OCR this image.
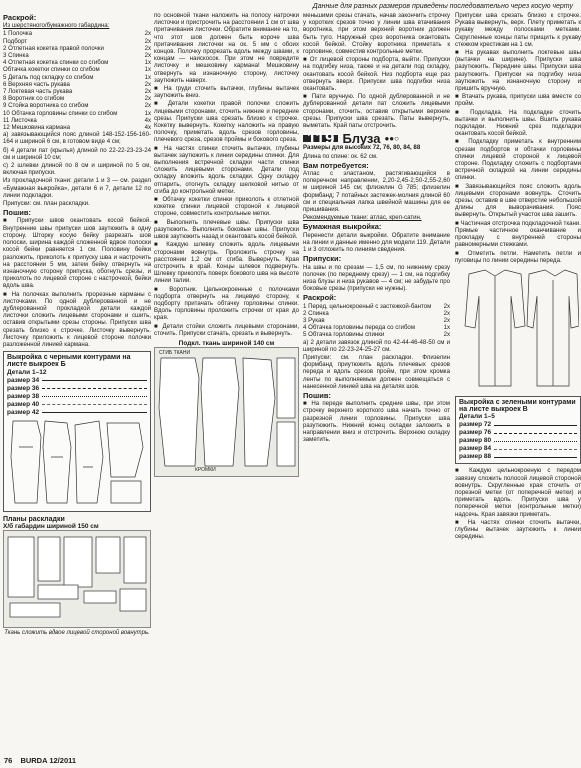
Данные для разных размеров приведены последовательно через косую черту
Раскрой:

Из шерстяного/бумажного габардина:

1 Полочка	2x
Подборт	2x
2 Отлетная кокетка правой полочки	2x
3 Спинка	2x
4 Отлетная кокетка спинки со сгибом	1x
Обтачка кокетки спинки со сгибом	1x
5 Деталь под складку со сгибом	1x
6 Верхняя часть рукава	2x
7 Локтевая часть рукава	2x
8 Воротник со сгибом	2x
9 Стойка воротника со сгибом	2x
10 Обтачка горловины спинки со сгибом	1x
11 Листочка	4x
12 Мешковина кармана	4x

а) завязывающийся пояс длиной 148-152-156-160-164 и шириной 6 см, в готовом виде 4 см;

б) 4 детали пат (крылья) длиной по 22-22-23-23-24 см и шириной 10 см;

с) 2 шлевки длиной по 8 см и шириной по 5 см, включая припуски.

Из прокладочной ткани: детали 1 и 3 — см. раздел «Бумажная выкройка», детали 6 и 7, детали 12 по линии подкладки.

Припуски: см. план раскладки.

Пошив:

■ Припуски швов окантовать косой бейкой. Внутренние швы припуски шов заутюжить в одну сторону. Шторку косую бейку разрезать шов полоски, ширина каждой сложенной вдвое полоски косой бейки равняется 1 см. Половину бейки разложить, приколоть к припуску шва и настрочить на расстоянии 5 мм, затем бейку отвернуть на изнаночную сторону припуска, обогнуть срезы, и приколоть по лицевой стороне с настрочкой, бейки вдоль шва.

■ На полочках выполнить прорезные карманы с листочками. По одной дублерованной и не дублерованной прокладкой детали каждой листочки сложить лицевыми сторонами и сшить, оставив открытыми срезы стороны. Припуски шва срезать близко к строчке. Листочку вывернуть. Листочку приложить к лицевой стороне полочки разложенной линией кармана.

Выкройка с черными контурами на листе выкроек Б
Детали 1–12
размер 34
размер 36
размер 38
размер 40
размер 42
Планы раскладки
Х/б габардин шириной 150 см
Ткань сложить вдвое лицевой стороной вовнутрь.

по основной ткани наложить на полосу натрочки листочки и пристрочить на расстоянии 1 см от шва притачивания листочки. Обратите внимание на то, что этот шов должен быть короче шва притачивания листочки на ок. 5 мм с обоих концов. Полочку прорезать вдоль между швами, к концам — наискосок. При этом не повредите листочку и мешковину кармана! Мешковину отвернуть на изнаночную сторону, листочку заутюжить наверх.

■ На груди сточить вытачки, глубины вытачек заутюжить вниз.

■ Детали кокетки правой полочки сложить лицевыми сторонами, сточить нижние и передние срезы. Припуски шва срезать близко к строчке. Кокетку вывернуть. Кокетку наложить на правую полочку, приметать вдоль срезов горловины, плечевого среза, срезов проймы и бокового среза.

■ На частях спинки сточить вытачки, глубины вытачек заутюжить к линии середины спинки. Для выполнения встречной складки части спинки сложить лицевыми сторонами. Детали под складку вложить вдоль складки. Одну складку отпарить, отогнуть складку шелковой нитью от сгиба до контрольной метки.

■ Обтачку кокетки спинки приколоть к отлетной кокетке спинки лицевой стороной к лицевой стороне, совместить контрольные метки.

■ Выполнить плечевые швы. Припуски шва разутюжить. Выполнить боковые швы. Припуски швов заутюжить назад и окантовать косой бейкой.

■ Каждую шлевку сложить вдоль лицевыми сторонами вовнутрь. Проложить строчку на расстоянии 1,2 см от сгиба. Вывернуть. Края отстрочить в край. Концы шлевок подвернуть. Шлевку приколоть поверх бокового шва на высоте линии талии.

■ Воротник. Цельнокроенные с полочками подборта отвернуть на лицевую сторону, к подборту притачать обтачку горловины спинки. Вдоль горловины проложить строчки от края до края.

■ Детали стойки сложить лицевыми сторонами, сточить. Припуски стачать, срезать и вывернуть.

Подкл. ткань шириной 140 см
СГИБ ТКАНИ
КРОМКИ

меньшими срезы стачать, начав закончить строчку у коротких срезов точно у линии шва втачивания воротника, при этом верхний воротник должен быть туго. Наружный срез воротника окантовать косой бейкой. Стойку воротника приметать к горловине, совместив контрольные метки.

■ От лицевой стороны подборта, выйти. Припуски на подгибку низа, также и на детали под складку, окантовать косой бейкой. Низ подборта еще раз отвернуть вверх. Припуски шва подгибки низа окантовать.

■ Пати вручную. По одной дублерованной и не дублерованной детали пат сложить лицевыми сторонами, сточить, оставив открытыми верхние срезы. Припуски шва срезать. Паты вывернуть, выметать. Край паты отстрочить.

119 Блуза ●●○

Размеры для высоких 72, 76, 80, 84, 88

Длина по спине: ок. 62 см.

Вам потребуется:

Атлас с эластаном, растягивающийся в поперечном направлении, 2,20-2,45-2,50-2,55-2,60 м шириной 145 см; флизелин G 785; флизелин формбанд; 7 потайных застежек-молния длиной 60 см и специальная лапка швейной машины для ее пришивания.

Рекомендуемые ткани: атлас, креп-сатин.

Бумажная выкройка:

Перенести детали выкройки. Обратите внимание на линии и данные именно для модели 119. Детали 1 и 3 отложить по линиям сведения.

Припуски:

На швы и по срезам — 1,5 см, по нижнему срезу полочек (по переднему срезу) — 1 см, на подгибку низа блузы и низа рукавов — 4 см; не забудьте про боковые срезы (припуски не нужны).

Раскрой:
1 Перед, цельнокроеный с застежкой-бантом	2x
2 Спинка	2x
3 Рукав	2x
4 Обтачка горловины переда со сгибом	1x
5 Обтачка горловины спинки	2x

а) 2 детали завязок длиной по 42-44-46-48-50 см и шириной по 22-23-24-25-27 см.

Припуски: см. план раскладки. Флизелин формбанд приутюжить вдоль плечевых срезов переда и вдоль срезов пройм, при этом кромка ленты по выполняемым должен совмещаться с нанесенной линией шва на деталях шов.

Пошив:

■ На переде выполнить средние швы, при этом строчку верхнего короткого шва начать точно от разрезной линии горловины. Припуски шва разутюжить. Нижний конец складки заложить в направлении вниз и отстрочить. Верхнюю складку заметить.

Припуски шва срезать близко к строчке. Рукава вывернуть, верх. Плету приметать к рукаву между полосками метками. Скругленные концы паты прищить к рукаву стежком крестикам на 1 см.

■ На рукавах выполнить локтевые швы (вытачки на ширине). Припуски шва разутюжить. Передние швы. Припуски шва разутюжить. Припуски на подгибку низа заутюжить на изнаночную сторону и пришить вручную.

■ Втачать рукава, припуски шва вместе со пройм.

■ Подкладка. На подкладке сточить вытачки и выполнить швы. Вшить рукава подкладки. Нижний срез подкладки окантовать косой бейкой.

■ Подкладку приметать к внутренним срезам подбортов и обтачки горловины спинки лицевой стороной к лицевой стороне. Подкладку сложить с подбортами встречной складкой на линии середины спинки.

■ Завязывающийся пояс сложить вдоль лицевыми сторонами вовнутрь. Сточить срезы, оставив в шве отверстие небольшой длины для выворачивания. Пояс вывернуть. Открытый участок шва зашить.

■ Частичная отстрочка подкладочной ткани. Прямые частичное оканчивание и прокладку с внутренней стороны равномерными стежками.

■ Отметить петли. Наметить петли и пуговицы по линии середины переда.

Выкройка с зелеными контурами на листе выкроек В
Детали 1–5
размер 72
размер 76
размер 80
размер 84
размер 88

■ Каждую цельнокроеную с передом завязку сложить полосой лицевой стороной вовнутрь. Скругленные края сточить от порезной метки (от поперечной метки) и приметать вдоль. Припуски шва у поперечной метки (контрольные метки) надсечь. Края завязки приметать.

■ На частях спинки сточить вытачки, глубины вытачек заутюжить к линии середины.

76 BURDA 12/2011
